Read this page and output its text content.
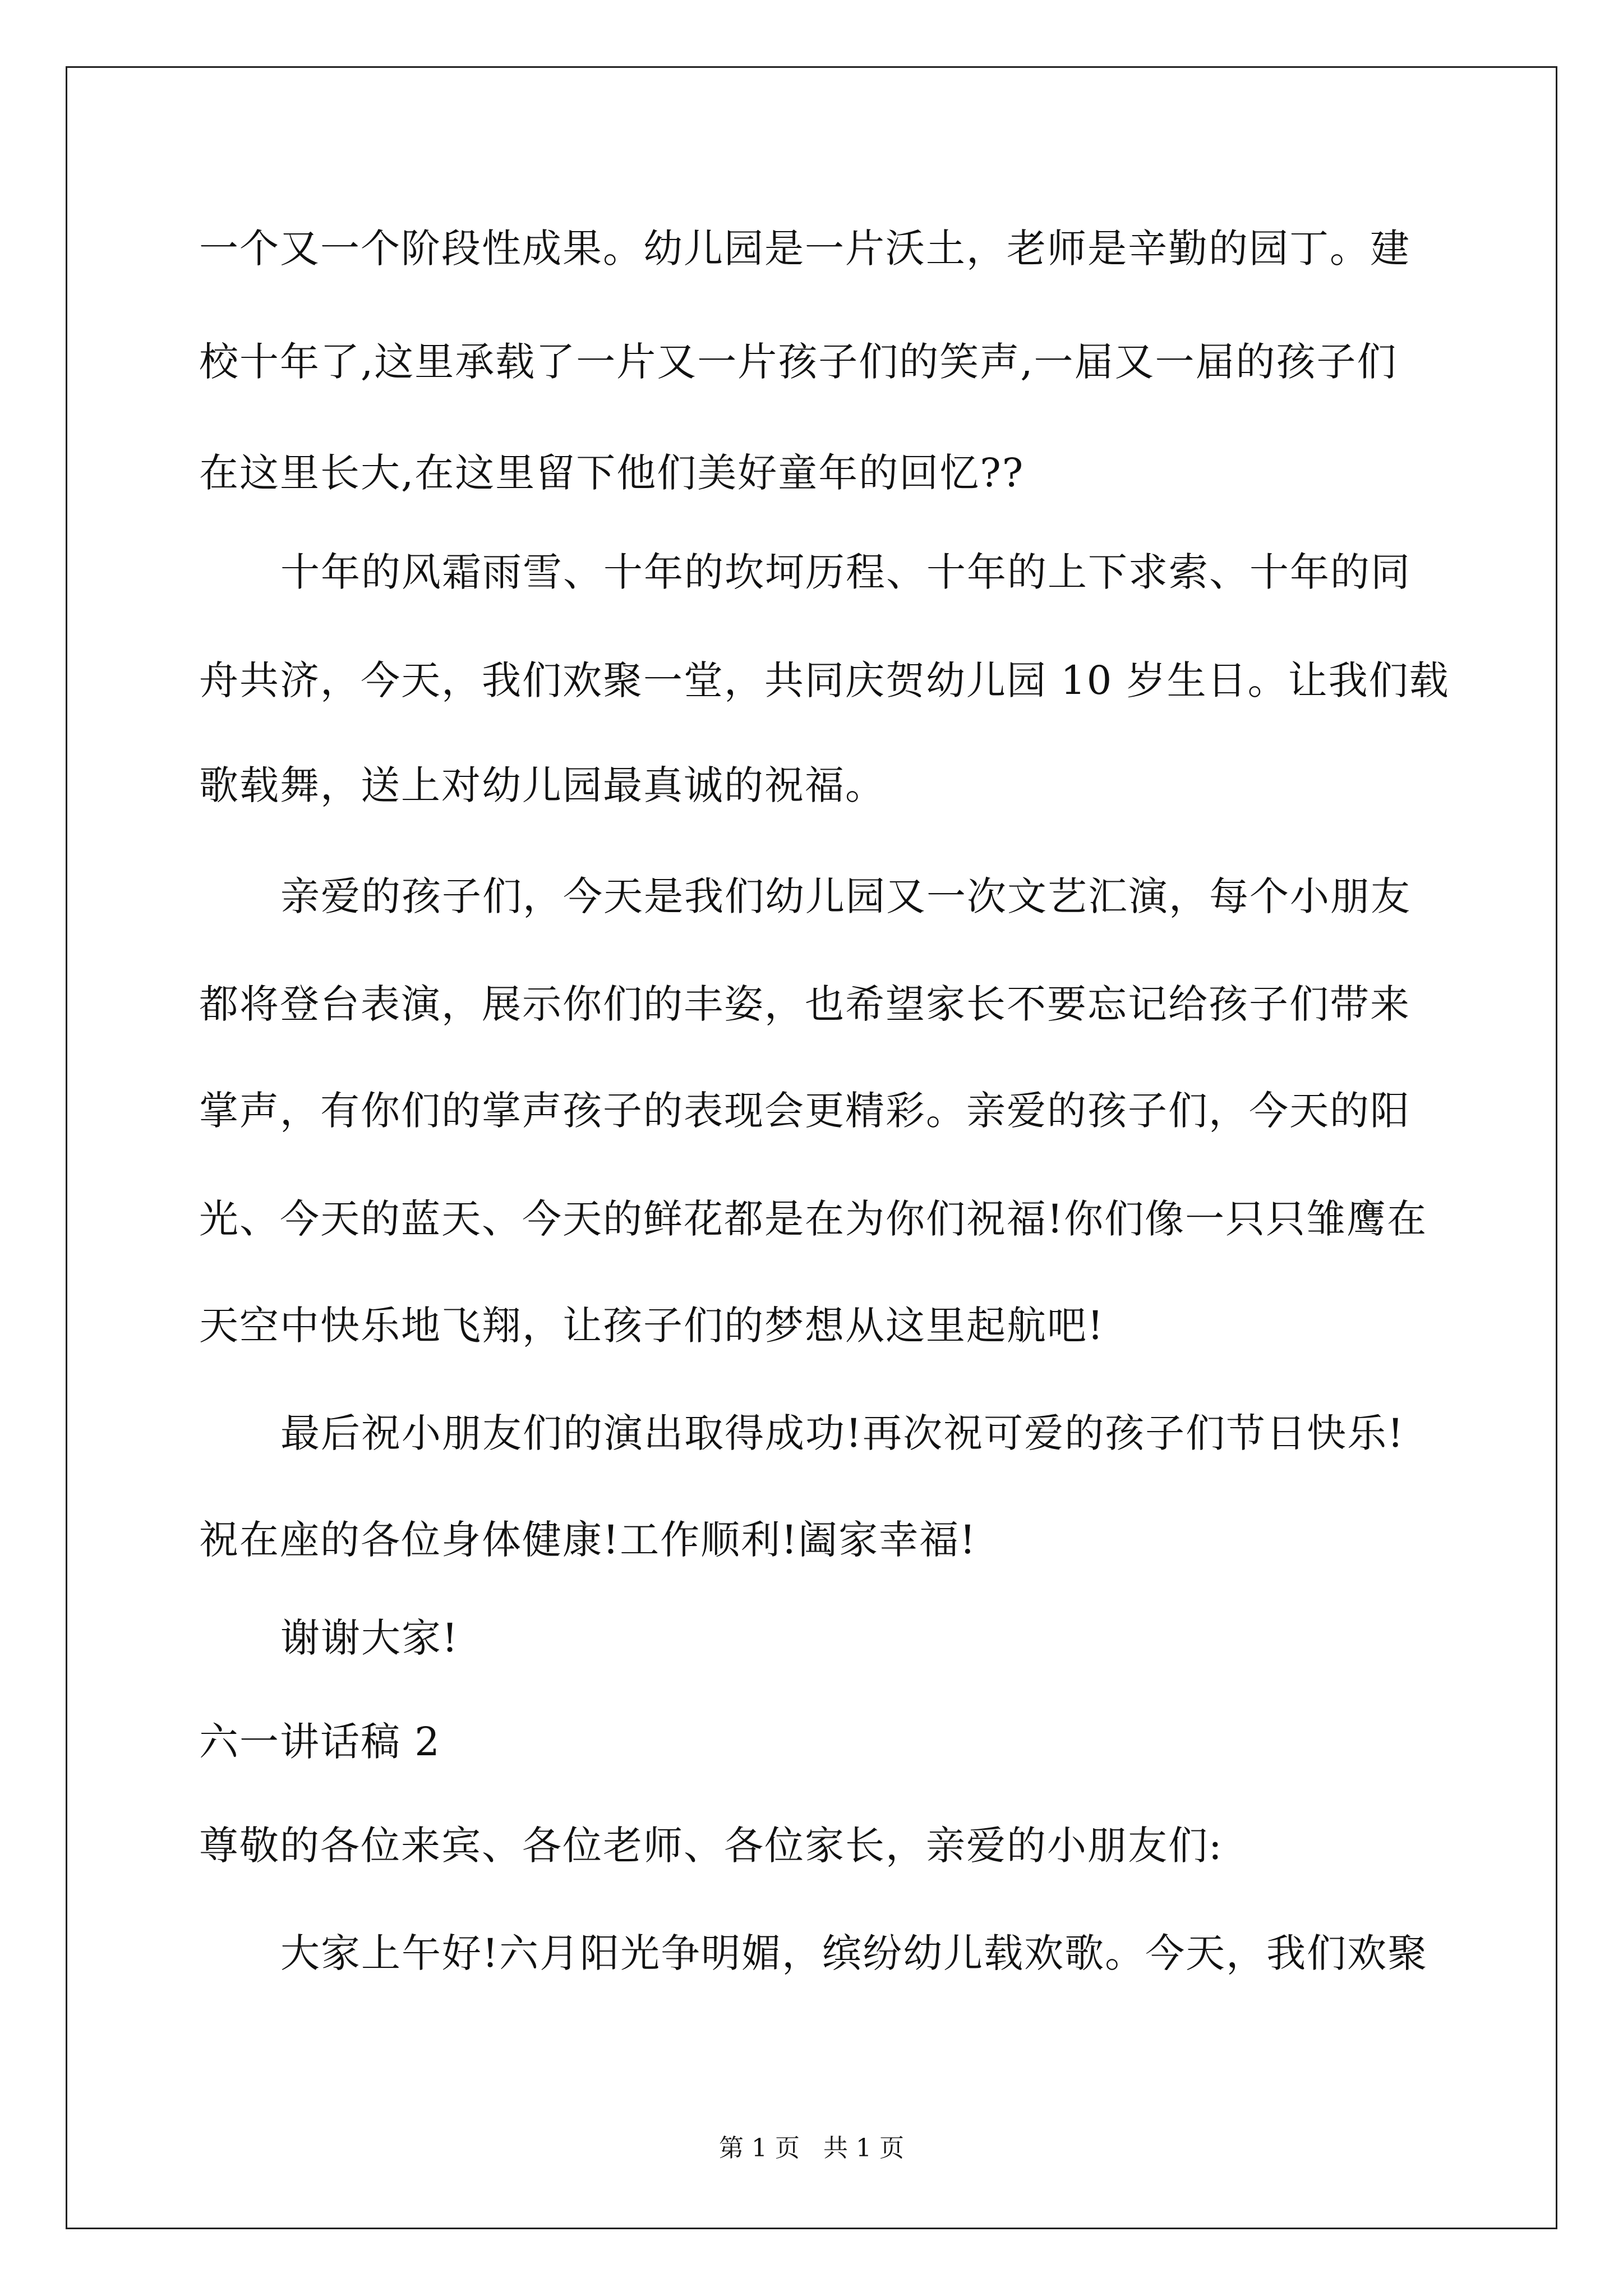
一个又一个阶段性成果。幼儿园是一片沃土，老师是辛勤的园丁。建
校十年了,这里承载了一片又一片孩子们的笑声,一届又一届的孩子们
在这里长大,在这里留下他们美好童年的回忆??
十年的风霜雨雪、十年的坎坷历程、十年的上下求索、十年的同
舟共济，今天，我们欢聚一堂，共同庆贺幼儿园 10 岁生日。让我们载
歌载舞，送上对幼儿园最真诚的祝福。
亲爱的孩子们，今天是我们幼儿园又一次文艺汇演，每个小朋友
都将登台表演，展示你们的丰姿，也希望家长不要忘记给孩子们带来
掌声，有你们的掌声孩子的表现会更精彩。亲爱的孩子们，今天的阳
光、今天的蓝天、今天的鲜花都是在为你们祝福!你们像一只只雏鹰在
天空中快乐地飞翔，让孩子们的梦想从这里起航吧!
最后祝小朋友们的演出取得成功!再次祝可爱的孩子们节日快乐!
祝在座的各位身体健康!工作顺利!阖家幸福!
谢谢大家!
六一讲话稿 2
尊敬的各位来宾、各位老师、各位家长，亲爱的小朋友们:
大家上午好!六月阳光争明媚，缤纷幼儿载欢歌。今天，我们欢聚
第 1 页   共 1 页
